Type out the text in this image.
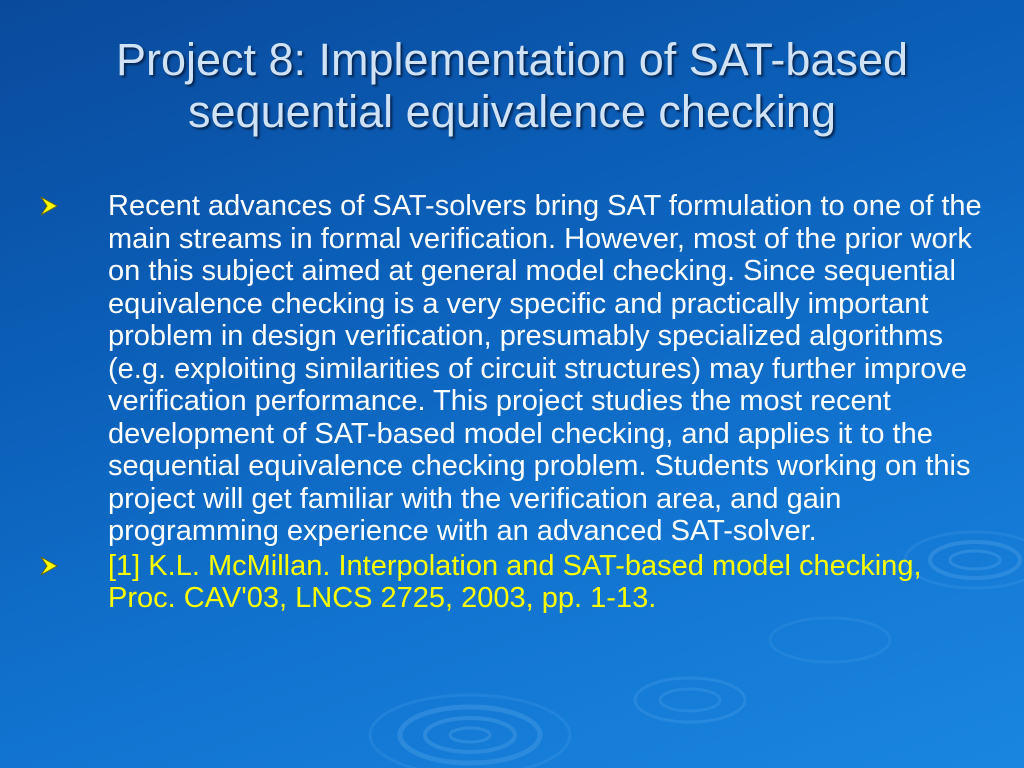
Project 8: Implementation of SAT-based
sequential equivalence checking
Recent advances of SAT-solvers bring SAT formulation to one of the main streams in formal verification. However, most of the prior work on this subject aimed at general model checking. Since sequential equivalence checking is a very specific and practically important problem in design verification, presumably specialized algorithms (e.g. exploiting similarities of circuit structures) may further improve verification performance. This project studies the most recent development of SAT-based model checking, and applies it to the sequential equivalence checking problem. Students working on this project will get familiar with the verification area, and gain programming experience with an advanced SAT-solver.
[1] K.L. McMillan. Interpolation and SAT-based model checking, Proc. CAV'03, LNCS 2725, 2003, pp. 1-13.
